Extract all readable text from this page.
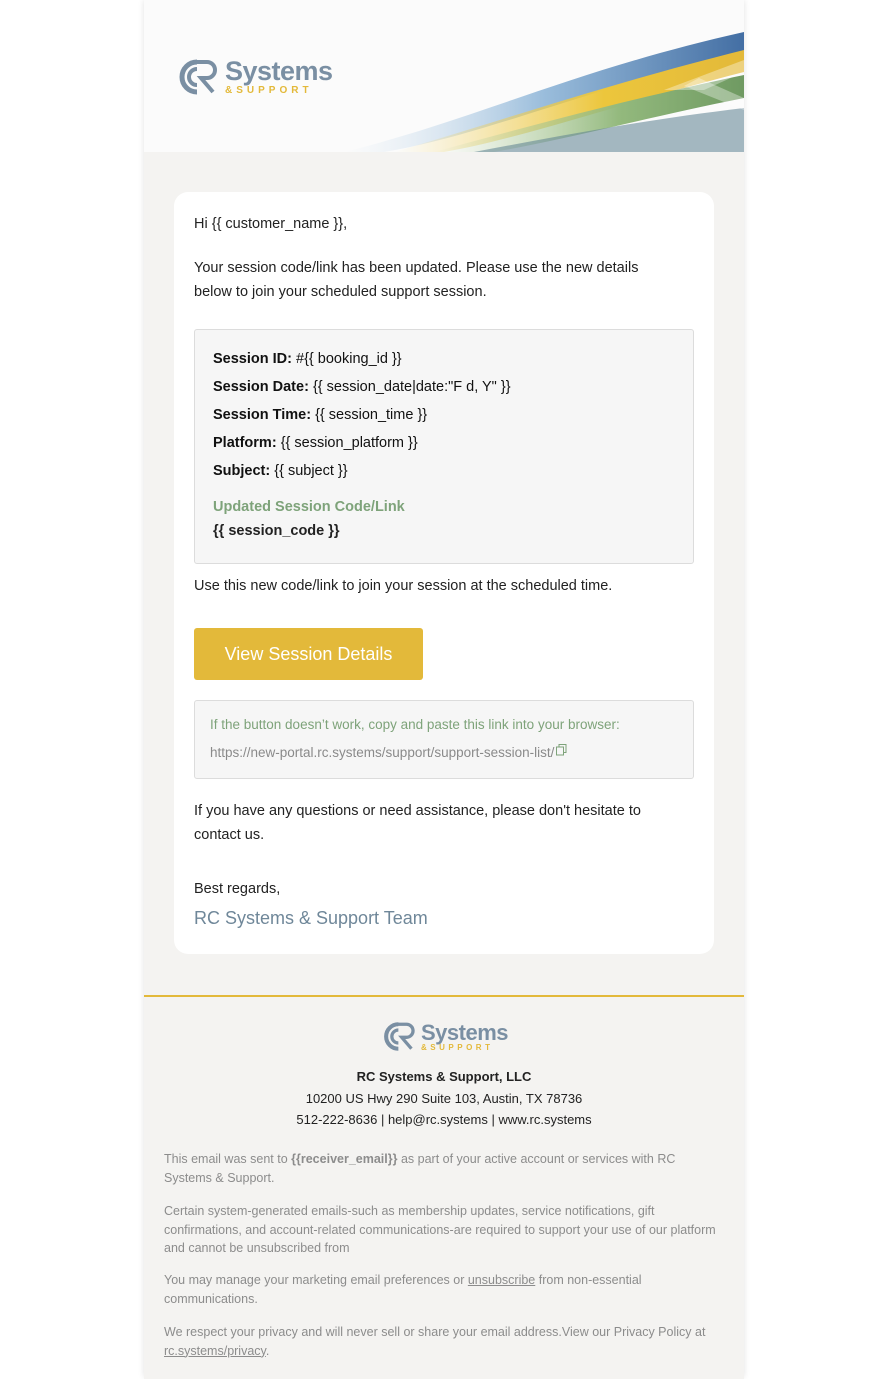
Systems
&SUPPORT
Hi {{ customer_name }},
Your session code/link has been updated. Please use the new details
below to join your scheduled support session.
Session ID: #{{ booking_id }}
Session Date: {{ session_date|date:"F d, Y" }}
Session Time: {{ session_time }}
Platform: {{ session_platform }}
Subject: {{ subject }}
Updated Session Code/Link
{{ session_code }}
Use this new code/link to join your session at the scheduled time.
View Session Details
If the button doesn’t work, copy and paste this link into your browser:
https://new-portal.rc.systems/support/support-session-list/
If you have any questions or need assistance, please don't hesitate to
contact us.
Best regards,
RC Systems & Support Team
Systems
&SUPPORT
RC Systems & Support, LLC
10200 US Hwy 290 Suite 103, Austin, TX 78736
512-222-8636 | help@rc.systems | www.rc.systems
This email was sent to {{receiver_email}} as part of your active account or services with RC Systems & Support.
Certain system-generated emails-such as membership updates, service notifications, gift confirmations, and account-related communications-are required to support your use of our platform and cannot be unsubscribed from
You may manage your marketing email preferences or unsubscribe from non-essential communications.
We respect your privacy and will never sell or share your email address.View our Privacy Policy at rc.systems/privacy.
